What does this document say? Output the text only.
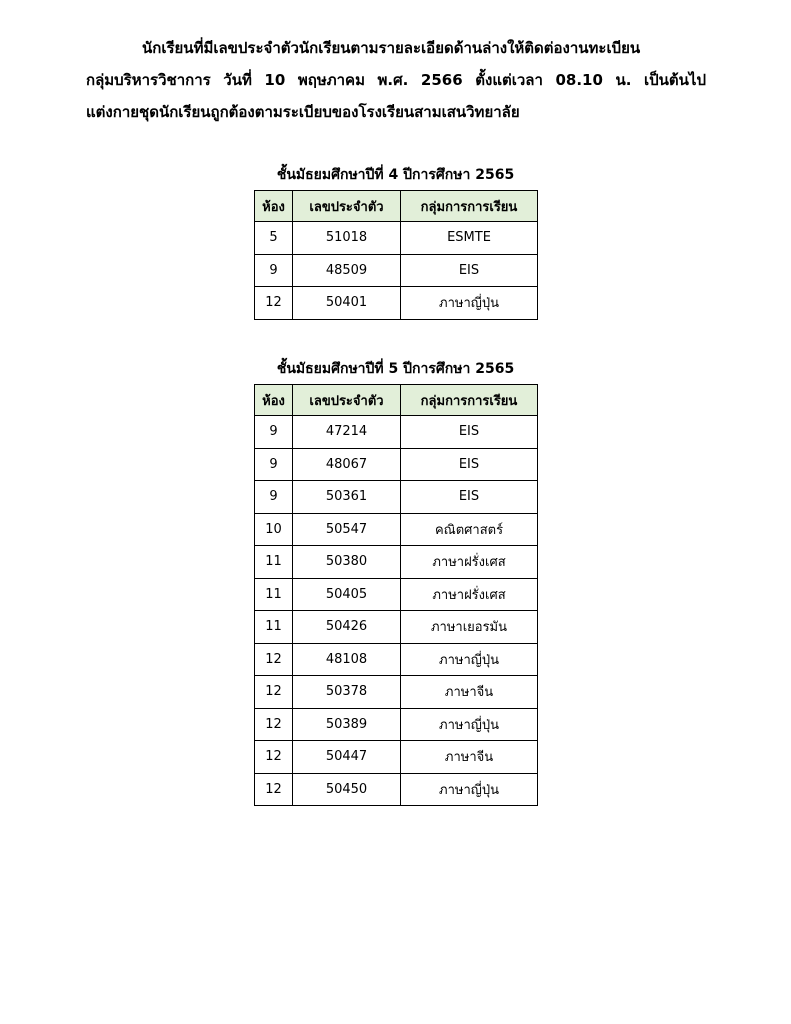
นักเรียนที่มีเลขประจำตัวนักเรียนตามรายละเอียดด้านล่างให้ติดต่องานทะเบียน

กลุ่มบริหารวิชาการ วันที่ 10 พฤษภาคม พ.ศ. 2566 ตั้งแต่เวลา 08.10 น. เป็นต้นไป

แต่งกายชุดนักเรียนถูกต้องตามระเบียบของโรงเรียนสามเสนวิทยาลัย

ชั้นมัธยมศึกษาปีที่ 4 ปีการศึกษา 2565
ห้อง	เลขประจำตัว	กลุ่มการการเรียน
5	51018	ESMTE
9	48509	EIS
12	50401	ภาษาญี่ปุ่น
ชั้นมัธยมศึกษาปีที่ 5 ปีการศึกษา 2565
ห้อง	เลขประจำตัว	กลุ่มการการเรียน
9	47214	EIS
9	48067	EIS
9	50361	EIS
10	50547	คณิตศาสตร์
11	50380	ภาษาฝรั่งเศส
11	50405	ภาษาฝรั่งเศส
11	50426	ภาษาเยอรมัน
12	48108	ภาษาญี่ปุ่น
12	50378	ภาษาจีน
12	50389	ภาษาญี่ปุ่น
12	50447	ภาษาจีน
12	50450	ภาษาญี่ปุ่น
